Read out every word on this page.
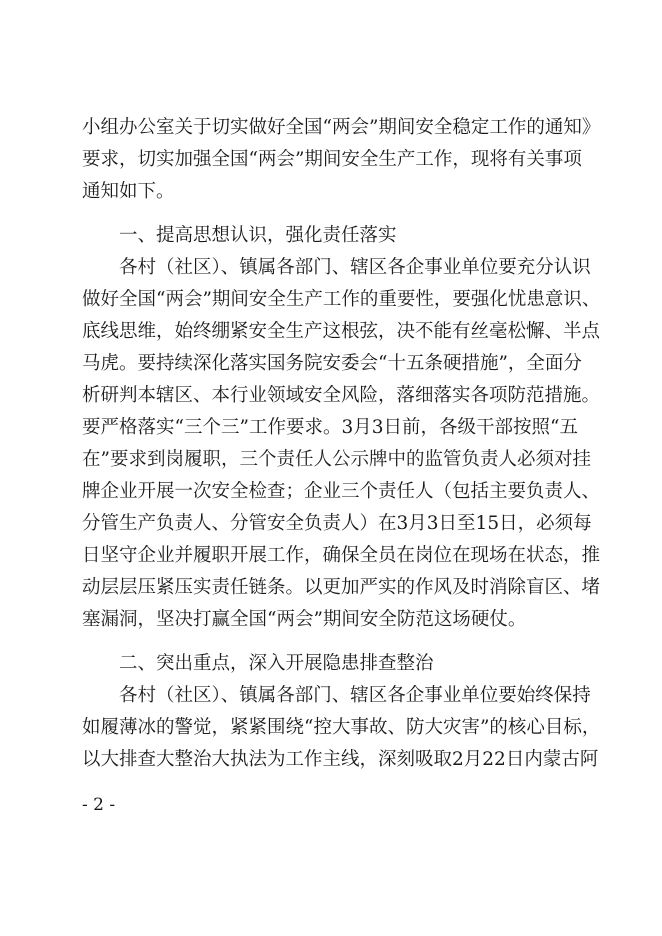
小组办公室关于切实做好全国“两会”期间安全稳定工作的通知》
要求，切实加强全国“两会”期间安全生产工作，现将有关事项
通知如下。
一、提高思想认识，强化责任落实
各村（社区）、镇属各部门、辖区各企事业单位要充分认识
做好全国“两会”期间安全生产工作的重要性，要强化忧患意识、
底线思维，始终绷紧安全生产这根弦，决不能有丝毫松懈、半点
马虎。要持续深化落实国务院安委会“十五条硬措施”，全面分
析研判本辖区、本行业领域安全风险，落细落实各项防范措施。
要严格落实“三个三”工作要求。3月3日前，各级干部按照“五
在”要求到岗履职，三个责任人公示牌中的监管负责人必须对挂
牌企业开展一次安全检查；企业三个责任人（包括主要负责人、
分管生产负责人、分管安全负责人）在3月3日至15日，必须每
日坚守企业并履职开展工作，确保全员在岗位在现场在状态，推
动层层压紧压实责任链条。以更加严实的作风及时消除盲区、堵
塞漏洞，坚决打赢全国“两会”期间安全防范这场硬仗。
二、突出重点，深入开展隐患排查整治
各村（社区）、镇属各部门、辖区各企事业单位要始终保持
如履薄冰的警觉，紧紧围绕“控大事故、防大灾害”的核心目标，
以大排查大整治大执法为工作主线，深刻吸取2月22日内蒙古阿
- 2 -
